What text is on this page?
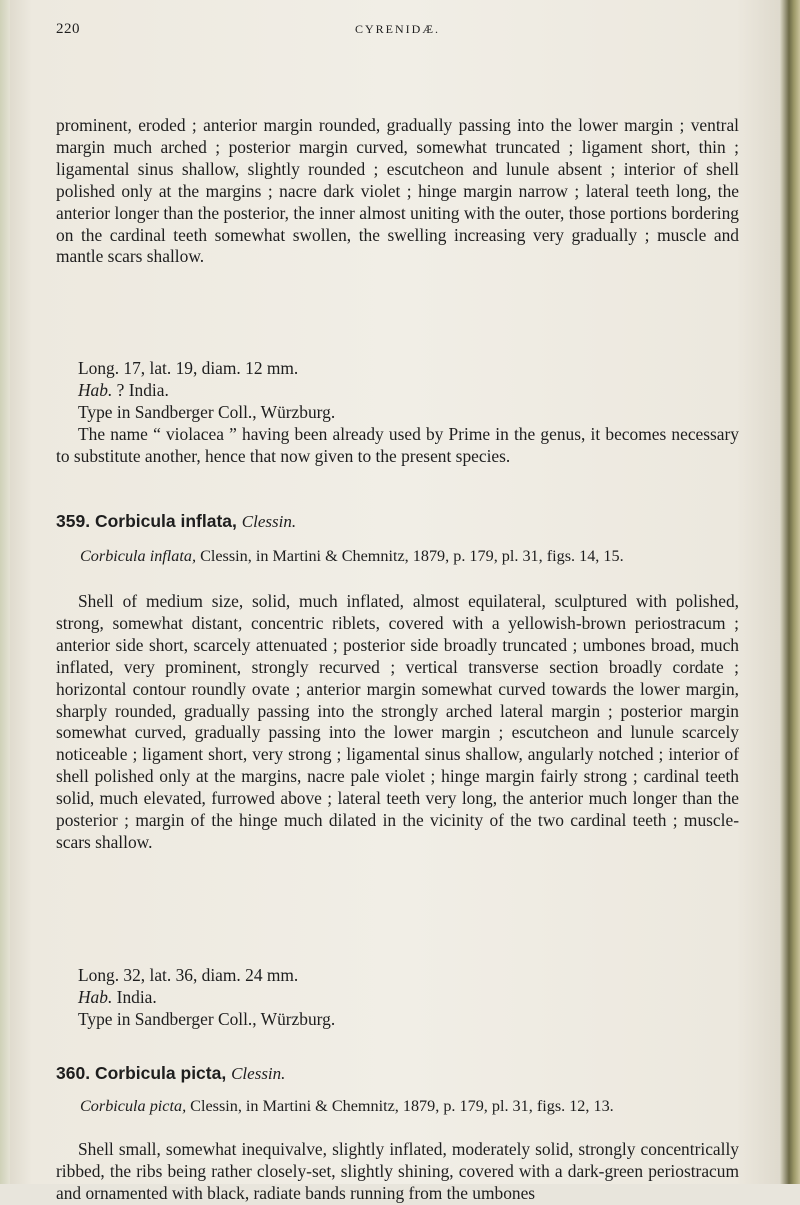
220	CYRENIDÆ.

prominent, eroded ; anterior margin rounded, gradually passing into the lower margin ; ventral margin much arched ; posterior margin curved, somewhat truncated ; ligament short, thin ; ligamental sinus shallow, slightly rounded ; escutcheon and lunule absent ; interior of shell polished only at the margins ; nacre dark violet ; hinge margin narrow ; lateral teeth long, the anterior longer than the posterior, the inner almost uniting with the outer, those portions bordering on the cardinal teeth somewhat swollen, the swelling increasing very gradually ; muscle and mantle scars shallow.

Long. 17, lat. 19, diam. 12 mm.

Hab. ? India.

Type in Sandberger Coll., Würzburg.

The name “ violacea ” having been already used by Prime in the genus, it becomes necessary to substitute another, hence that now given to the present species.

359. Corbicula inflata, Clessin.

Corbicula inflata, Clessin, in Martini & Chemnitz, 1879, p. 179, pl. 31, figs. 14, 15.

Shell of medium size, solid, much inflated, almost equilateral, sculptured with polished, strong, somewhat distant, concentric riblets, covered with a yellowish-brown periostracum ; anterior side short, scarcely attenuated ; posterior side broadly truncated ; umbones broad, much inflated, very prominent, strongly recurved ; vertical transverse section broadly cordate ; horizontal contour roundly ovate ; anterior margin somewhat curved towards the lower margin, sharply rounded, gradually passing into the strongly arched lateral margin ; posterior margin somewhat curved, gradually passing into the lower margin ; escutcheon and lunule scarcely noticeable ; ligament short, very strong ; ligamental sinus shallow, angularly notched ; interior of shell polished only at the margins, nacre pale violet ; hinge margin fairly strong ; cardinal teeth solid, much elevated, furrowed above ; lateral teeth very long, the anterior much longer than the posterior ; margin of the hinge much dilated in the vicinity of the two cardinal teeth ; muscle-scars shallow.

Long. 32, lat. 36, diam. 24 mm.

Hab. India.

Type in Sandberger Coll., Würzburg.

360. Corbicula picta, Clessin.

Corbicula picta, Clessin, in Martini & Chemnitz, 1879, p. 179, pl. 31, figs. 12, 13.

Shell small, somewhat inequivalve, slightly inflated, moderately solid, strongly concentrically ribbed, the ribs being rather closely-set, slightly shining, covered with a dark-green periostracum and ornamented with black, radiate bands running from the umbones
